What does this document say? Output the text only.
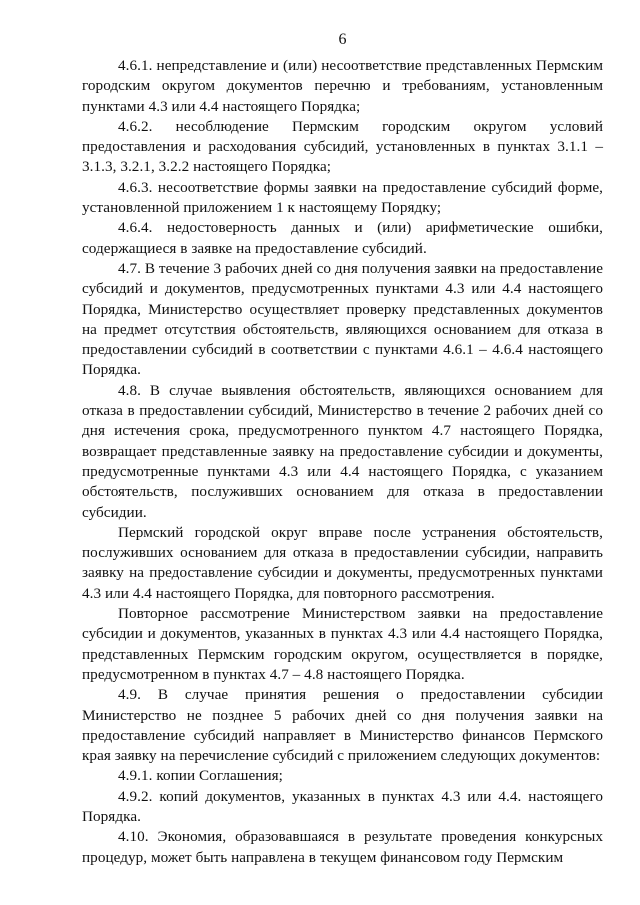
6

4.6.1. непредставление и (или) несоответствие представленных Пермским городским округом документов перечню и требованиям, установленным пунктами 4.3 или 4.4 настоящего Порядка;

4.6.2. несоблюдение Пермским городским округом условий предоставления и расходования субсидий, установленных в пунктах 3.1.1 – 3.1.3, 3.2.1, 3.2.2 настоящего Порядка;

4.6.3. несоответствие формы заявки на предоставление субсидий форме, установленной приложением 1 к настоящему Порядку;

4.6.4. недостоверность данных и (или) арифметические ошибки, содержащиеся в заявке на предоставление субсидий.

4.7. В течение 3 рабочих дней со дня получения заявки на предоставление субсидий и документов, предусмотренных пунктами 4.3 или 4.4 настоящего Порядка, Министерство осуществляет проверку представленных документов на предмет отсутствия обстоятельств, являющихся основанием для отказа в предоставлении субсидий в соответствии с пунктами 4.6.1 – 4.6.4 настоящего Порядка.

4.8. В случае выявления обстоятельств, являющихся основанием для отказа в предоставлении субсидий, Министерство в течение 2 рабочих дней со дня истечения срока, предусмотренного пунктом 4.7 настоящего Порядка, возвращает представленные заявку на предоставление субсидии и документы, предусмотренные пунктами 4.3 или 4.4 настоящего Порядка, с указанием обстоятельств, послуживших основанием для отказа в предоставлении субсидии.

Пермский городской округ вправе после устранения обстоятельств, послуживших основанием для отказа в предоставлении субсидии, направить заявку на предоставление субсидии и документы, предусмотренных пунктами 4.3 или 4.4 настоящего Порядка, для повторного рассмотрения.

Повторное рассмотрение Министерством заявки на предоставление субсидии и документов, указанных в пунктах 4.3 или 4.4 настоящего Порядка, представленных Пермским городским округом, осуществляется в порядке, предусмотренном в пунктах 4.7 – 4.8 настоящего Порядка.

4.9. В случае принятия решения о предоставлении субсидии Министерство не позднее 5 рабочих дней со дня получения заявки на предоставление субсидий направляет в Министерство финансов Пермского края заявку на перечисление субсидий с приложением следующих документов:

4.9.1. копии Соглашения;

4.9.2. копий документов, указанных в пунктах 4.3 или 4.4. настоящего Порядка.

4.10. Экономия, образовавшаяся в результате проведения конкурсных процедур, может быть направлена в текущем финансовом году Пермским
